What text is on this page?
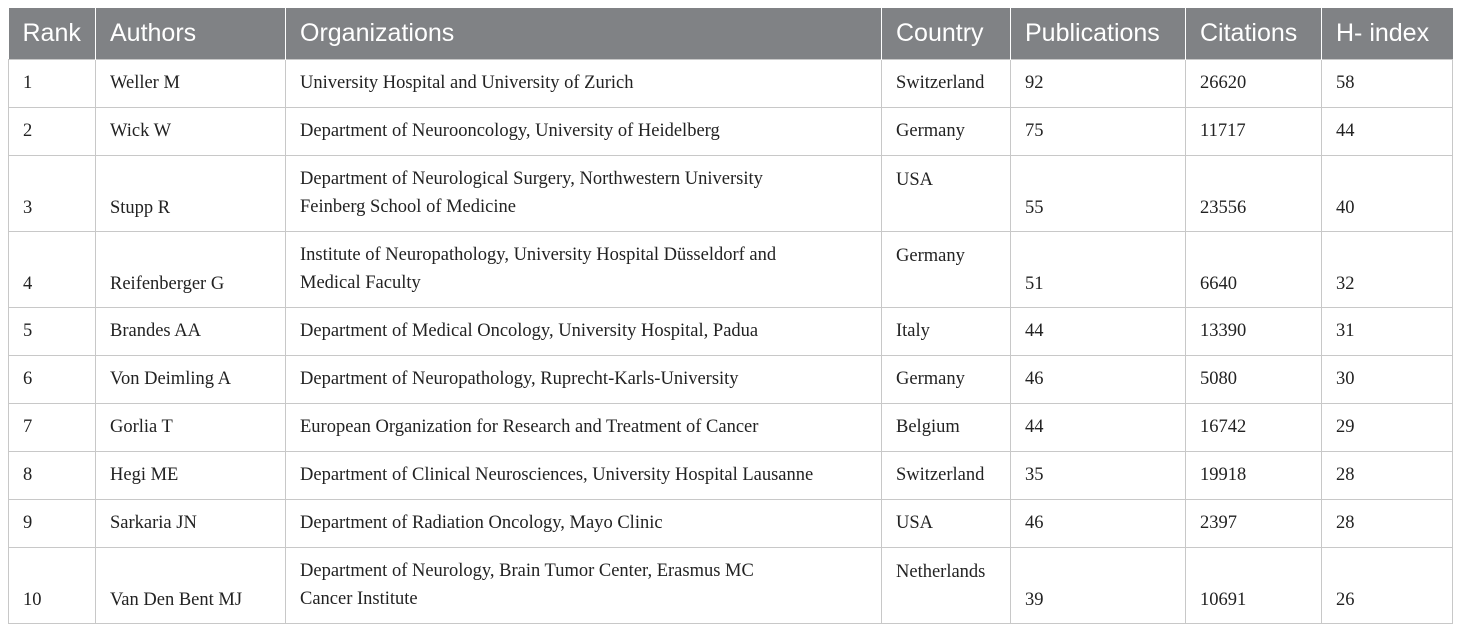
Rank	Authors	Organizations	Country	Publications	Citations	H- index
1	Weller M	University Hospital and University of Zurich	Switzerland	92	26620	58
2	Wick W	Department of Neurooncology, University of Heidelberg	Germany	75	11717	44
3	Stupp R	Department of Neurological Surgery, Northwestern University
Feinberg School of Medicine	USA	55	23556	40
4	Reifenberger G	Institute of Neuropathology, University Hospital Düsseldorf and
Medical Faculty	Germany	51	6640	32
5	Brandes AA	Department of Medical Oncology, University Hospital, Padua	Italy	44	13390	31
6	Von Deimling A	Department of Neuropathology, Ruprecht-Karls-University	Germany	46	5080	30
7	Gorlia T	European Organization for Research and Treatment of Cancer	Belgium	44	16742	29
8	Hegi ME	Department of Clinical Neurosciences, University Hospital Lausanne	Switzerland	35	19918	28
9	Sarkaria JN	Department of Radiation Oncology, Mayo Clinic	USA	46	2397	28
10	Van Den Bent MJ	Department of Neurology, Brain Tumor Center, Erasmus MC
Cancer Institute	Netherlands	39	10691	26
